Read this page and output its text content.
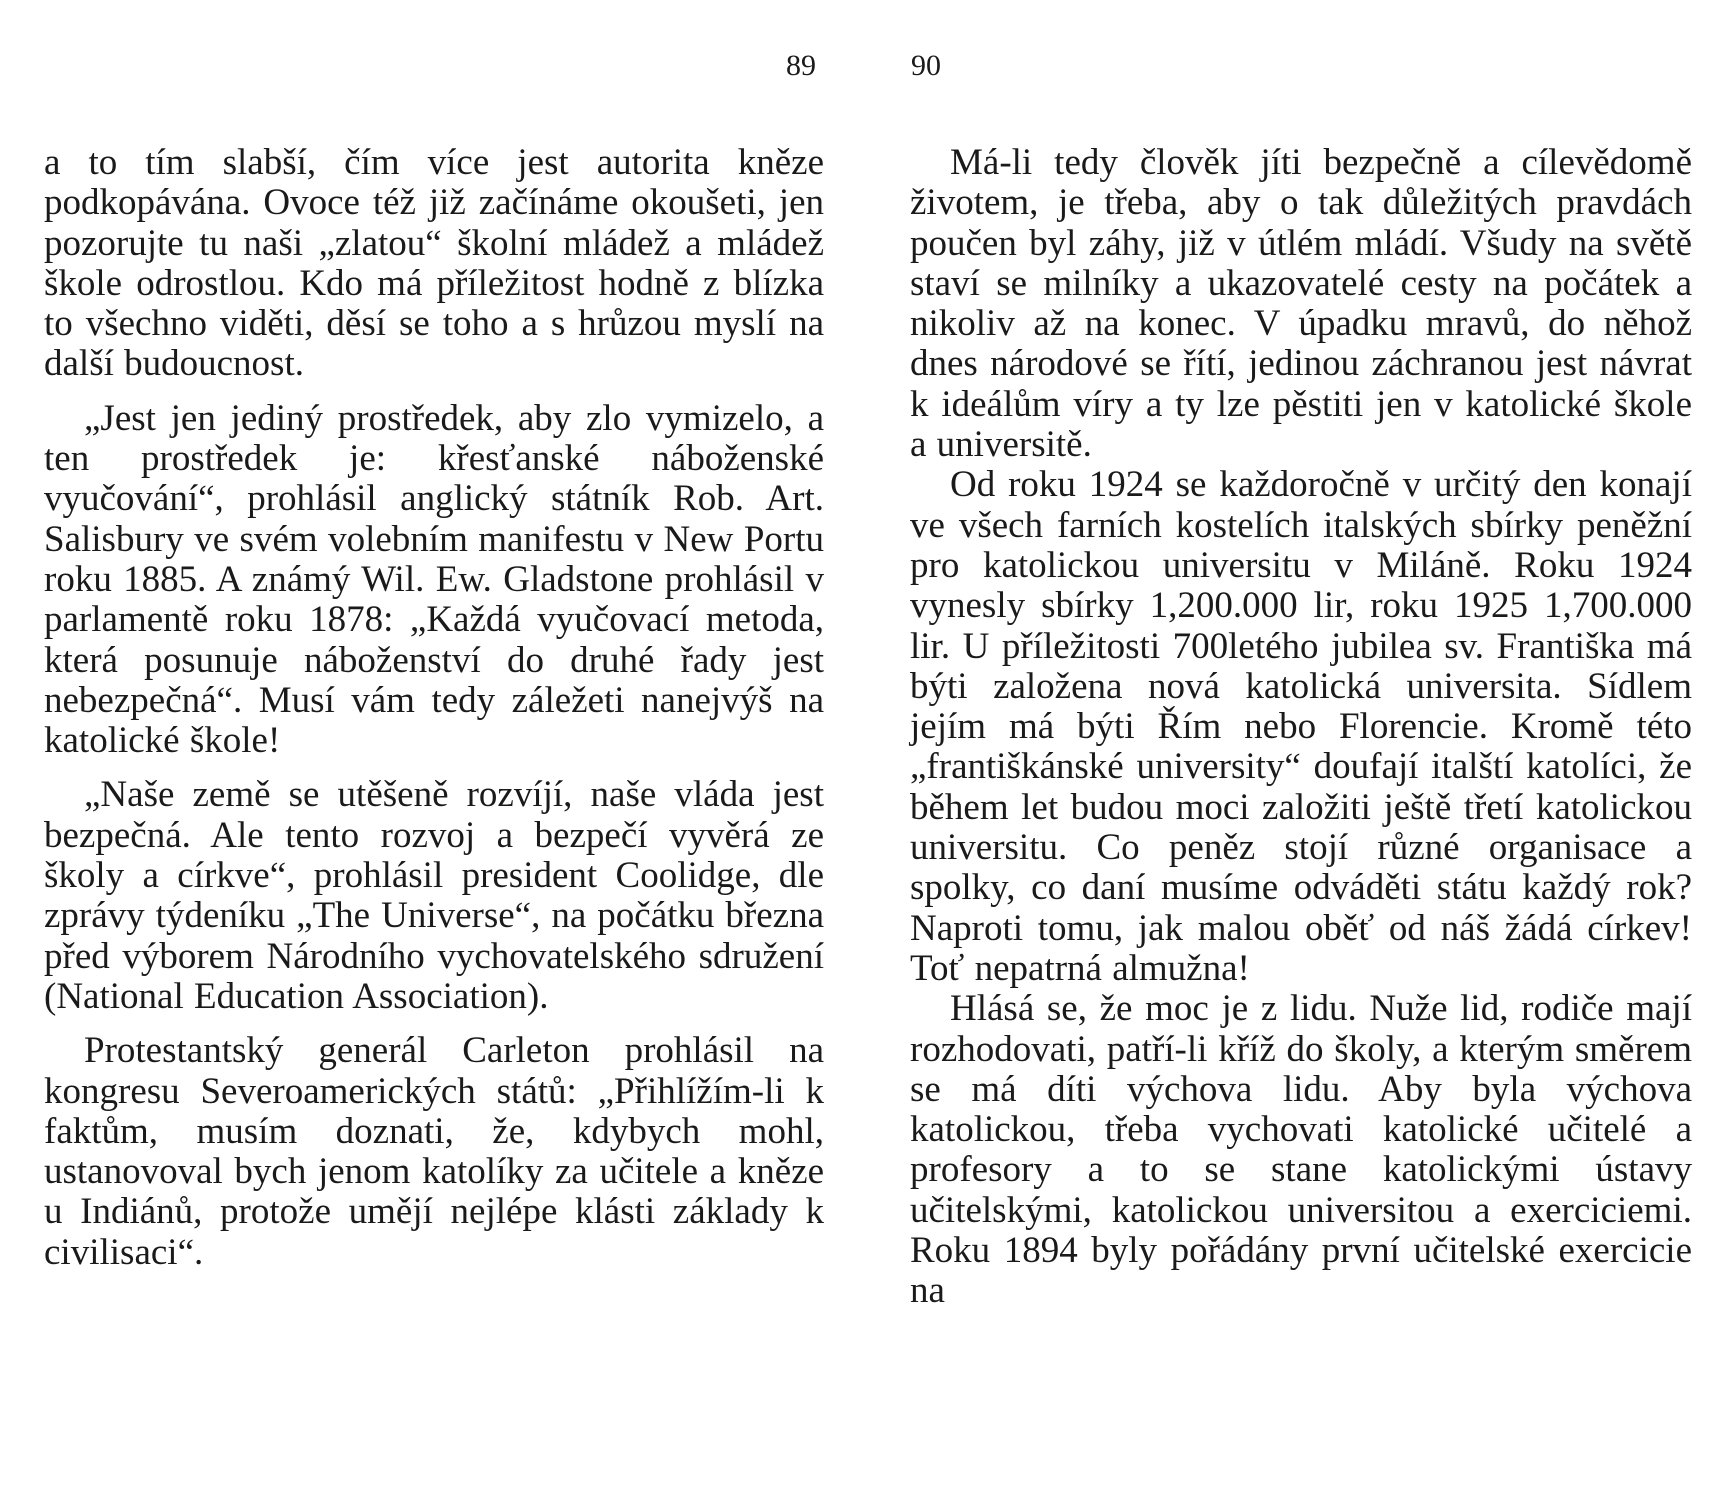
89	90

a to tím slabší, čím více jest autorita kněze podkopávána. Ovoce též již začínáme okoušeti, jen pozorujte tu naši „zlatou“ školní mládež a mládež škole odrostlou. Kdo má příležitost hodně z blízka to všechno viděti, děsí se toho a s hrůzou myslí na další budoucnost.

„Jest jen jediný prostředek, aby zlo vymizelo, a ten prostředek je: křesťanské náboženské vyučování“, prohlásil anglický státník Rob. Art. Salisbury ve svém volebním manifestu v New Portu roku 1885. A známý Wil. Ew. Gladstone prohlásil v parlamentě roku 1878: „Každá vyučovací metoda, která posunuje náboženství do druhé řady jest nebezpečná“. Musí vám tedy záležeti nanejvýš na katolické škole!

„Naše země se utěšeně rozvíjí, naše vláda jest bezpečná. Ale tento rozvoj a bezpečí vyvěrá ze školy a církve“, prohlásil president Coolidge, dle zprávy týdeníku „The Universe“, na počátku března před výborem Národního vychovatelského sdružení (National Education Association).

Protestantský generál Carleton prohlásil na kongresu Severoamerických států: „Přihlížím-li k faktům, musím doznati, že, kdybych mohl, ustanovoval bych jenom katolíky za učitele a kněze u Indiánů, protože umějí nejlépe klásti základy k civilisaci“.

Má-li tedy člověk jíti bezpečně a cílevědomě životem, je třeba, aby o tak důležitých pravdách poučen byl záhy, již v útlém mládí. Všudy na světě staví se milníky a ukazovatelé cesty na počátek a nikoliv až na konec. V úpadku mravů, do něhož dnes národové se řítí, jedinou záchranou jest návrat k ideálům víry a ty lze pěstiti jen v katolické škole a universitě.

Od roku 1924 se každoročně v určitý den konají ve všech farních kostelích italských sbírky peněžní pro katolickou universitu v Miláně. Roku 1924 vynesly sbírky 1,200.000 lir, roku 1925 1,700.000 lir. U příležitosti 700letého jubilea sv. Františka má býti založena nová katolická universita. Sídlem jejím má býti Řím nebo Florencie. Kromě této „františkánské university“ doufají italští katolíci, že během let budou moci založiti ještě třetí katolickou universitu. Co peněz stojí různé organisace a spolky, co daní musíme odváděti státu každý rok? Naproti tomu, jak malou oběť od náš žádá církev! Toť nepatrná almužna!

Hlásá se, že moc je z lidu. Nuže lid, rodiče mají rozhodovati, patří-li kříž do školy, a kterým směrem se má díti výchova lidu. Aby byla výchova katolickou, třeba vychovati katolické učitelé a profesory a to se stane katolickými ústavy učitelskými, katolickou universitou a exerciciemi. Roku 1894 byly pořádány první učitelské exercicie na
